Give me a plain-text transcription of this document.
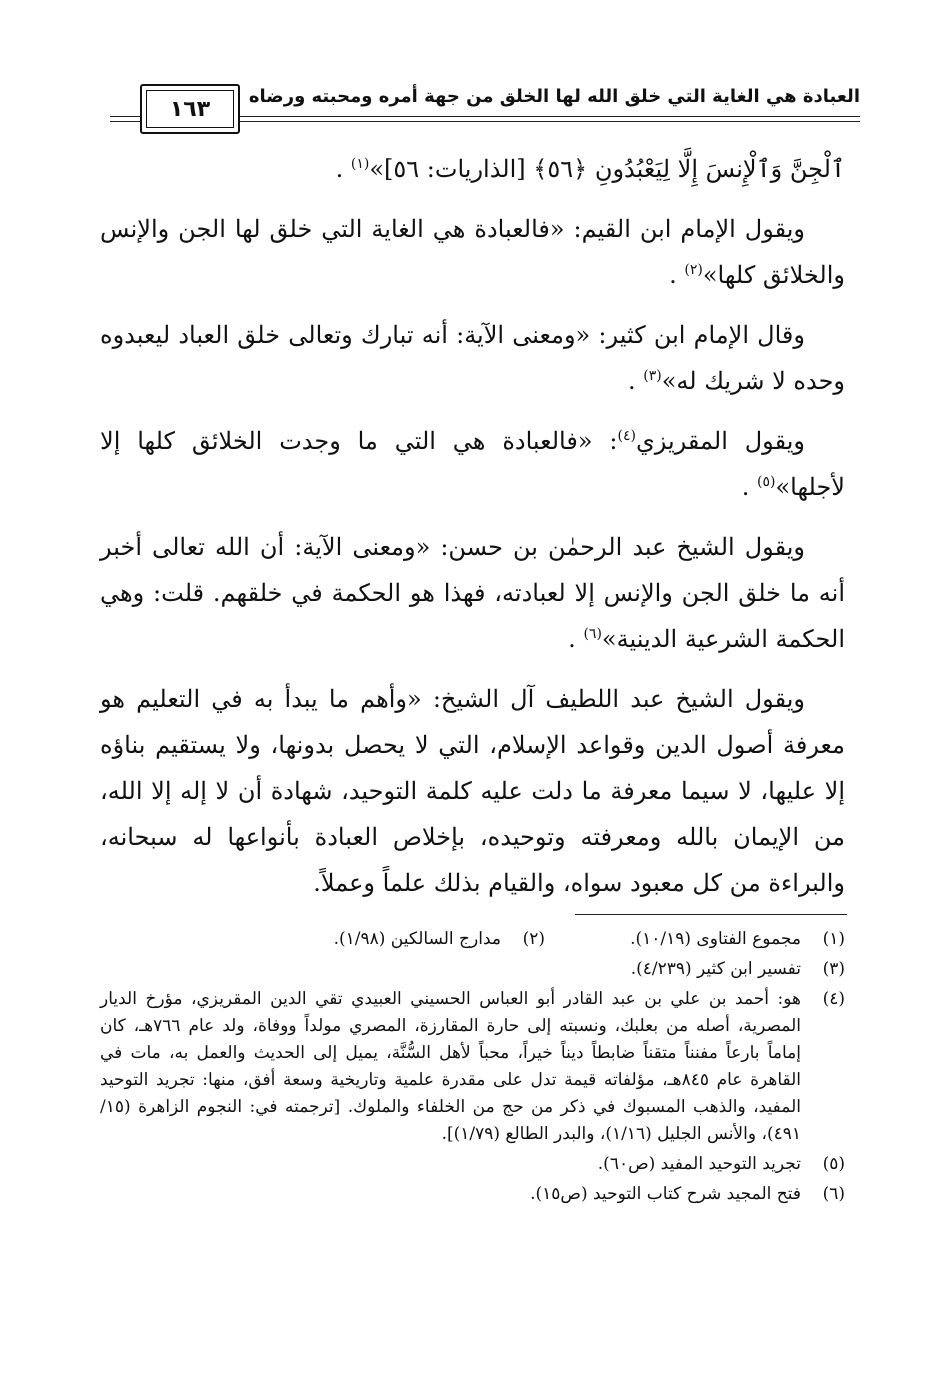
العبادة هي الغاية التي خلق الله لها الخلق من جهة أمره ومحبته ورضاه
١٦٣

ٱلْجِنَّ وَٱلْإِنسَ إِلَّا لِيَعْبُدُونِ ﴿٥٦﴾ [الذاريات: ٥٦]»$^{(١)}$ .

ويقول الإمام ابن القيم: «فالعبادة هي الغاية التي خلق لها الجن والإنس والخلائق كلها»$^{(٢)}$ .

وقال الإمام ابن كثير: «ومعنى الآية: أنه تبارك وتعالى خلق العباد ليعبدوه وحده لا شريك له»$^{(٣)}$ .

ويقول المقريزي$^{(٤)}$: «فالعبادة هي التي ما وجدت الخلائق كلها إلا لأجلها»$^{(٥)}$ .

ويقول الشيخ عبد الرحمٰن بن حسن: «ومعنى الآية: أن الله تعالى أخبر أنه ما خلق الجن والإنس إلا لعبادته، فهذا هو الحكمة في خلقهم. قلت: وهي الحكمة الشرعية الدينية»$^{(٦)}$ .

ويقول الشيخ عبد اللطيف آل الشيخ: «وأهم ما يبدأ به في التعليم هو معرفة أصول الدين وقواعد الإسلام، التي لا يحصل بدونها، ولا يستقيم بناؤه إلا عليها، لا سيما معرفة ما دلت عليه كلمة التوحيد، شهادة أن لا إله إلا الله، من الإيمان بالله ومعرفته وتوحيده، بإخلاص العبادة بأنواعها له سبحانه، والبراءة من كل معبود سواه، والقيام بذلك علماً وعملاً.

(١)
مجموع الفتاوى (١٠/١٩).
(٢)
مدارج السالكين (١/٩٨).
(٣)
تفسير ابن كثير (٤/٢٣٩).
(٤)
هو: أحمد بن علي بن عبد القادر أبو العباس الحسيني العبيدي تقي الدين المقريزي، مؤرخ الديار المصرية، أصله من بعلبك، ونسبته إلى حارة المقارزة، المصري مولداً ووفاة، ولد عام ٧٦٦هـ، كان إماماً بارعاً مفنناً متقناً ضابطاً ديناً خيراً، محباً لأهل السُّنَّة، يميل إلى الحديث والعمل به، مات في القاهرة عام ٨٤٥هـ، مؤلفاته قيمة تدل على مقدرة علمية وتاريخية وسعة أفق، منها: تجريد التوحيد المفيد، والذهب المسبوك في ذكر من حج من الخلفاء والملوك. [ترجمته في: النجوم الزاهرة (١٥/ ٤٩١)، والأنس الجليل (١/١٦)، والبدر الطالع (١/٧٩)].
(٥)
تجريد التوحيد المفيد (ص٦٠).
(٦)
فتح المجيد شرح كتاب التوحيد (ص١٥).
